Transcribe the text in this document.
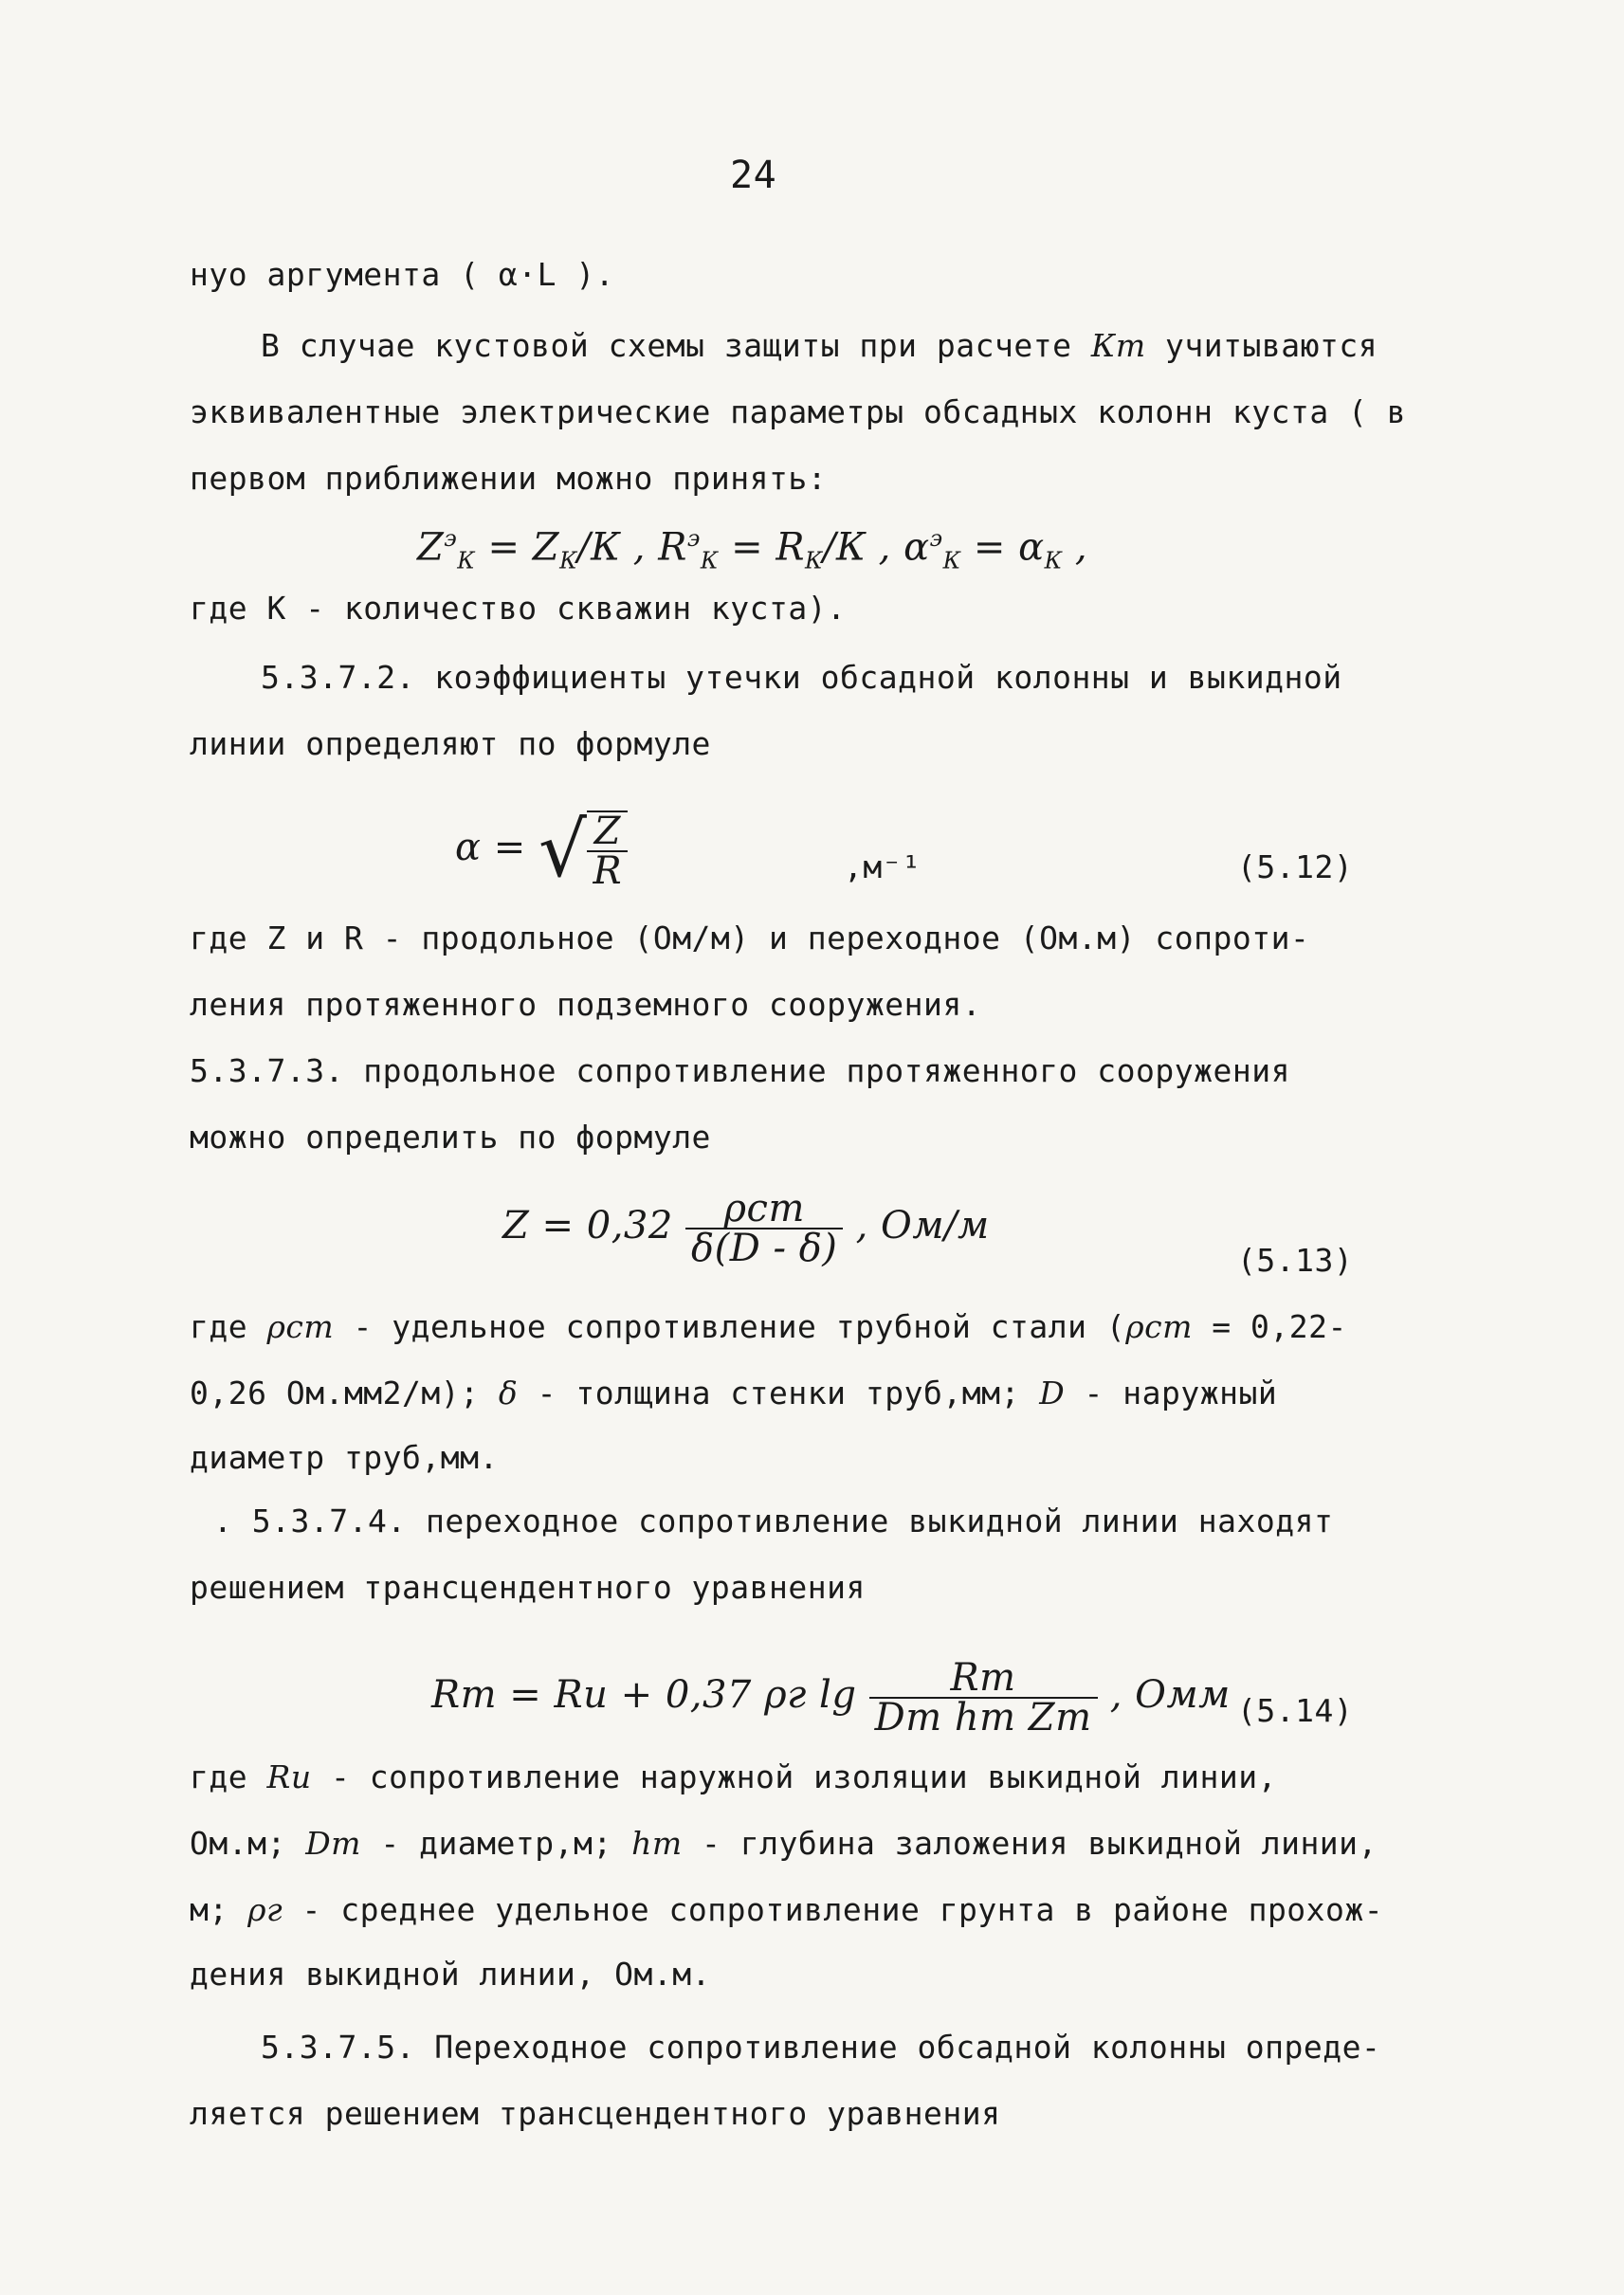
24
нуо аргумента ( α·L ).
В случае кустовой схемы защиты при расчете Кт учитываются
эквивалентные электрические параметры обсадных колонн куста ( в
первом приближении можно принять:
$Z^э_К = Z_К/К$ , $R^э_К = R_К/К$ , $\alpha^э_К = \alpha_К$ ,
где К - количество скважин куста).
5.3.7.2. коэффициенты утечки обсадной колонны и выкидной
линии определяют по формуле
α = √ $\frac{Z}{R}$	,м⁻¹	(5.12)
где Z и R - продольное (Ом/м) и переходное (Ом.м) сопроти-
ления протяженного подземного сооружения.
5.3.7.3. продольное сопротивление протяженного сооружения
можно определить по формуле
$Z = 0,32 \frac{\text{ρст}}{\delta(D - \delta)}$ , Ом/м
(5.13)
где ρст - удельное сопротивление трубной стали (ρст = 0,22-
0,26 Ом.мм2/м); δ - толщина стенки труб,мм; D - наружный
диаметр труб,мм.
. 5.3.7.4. переходное сопротивление выкидной линии находят
решением трансцендентного уравнения
Rт = Rи + 0,37 ρг $\lg \frac{Rт}{\text{Dт hт Zт}}$ , Омм (5.14)
где Rи - сопротивление наружной изоляции выкидной линии,
Ом.м; Dт - диаметр,м; hт - глубина заложения выкидной линии,
м; ρг - среднее удельное сопротивление грунта в районе прохож-
дения выкидной линии, Ом.м.
5.3.7.5. Переходное сопротивление обсадной колонны опреде-
ляется решением трансцендентного уравнения
